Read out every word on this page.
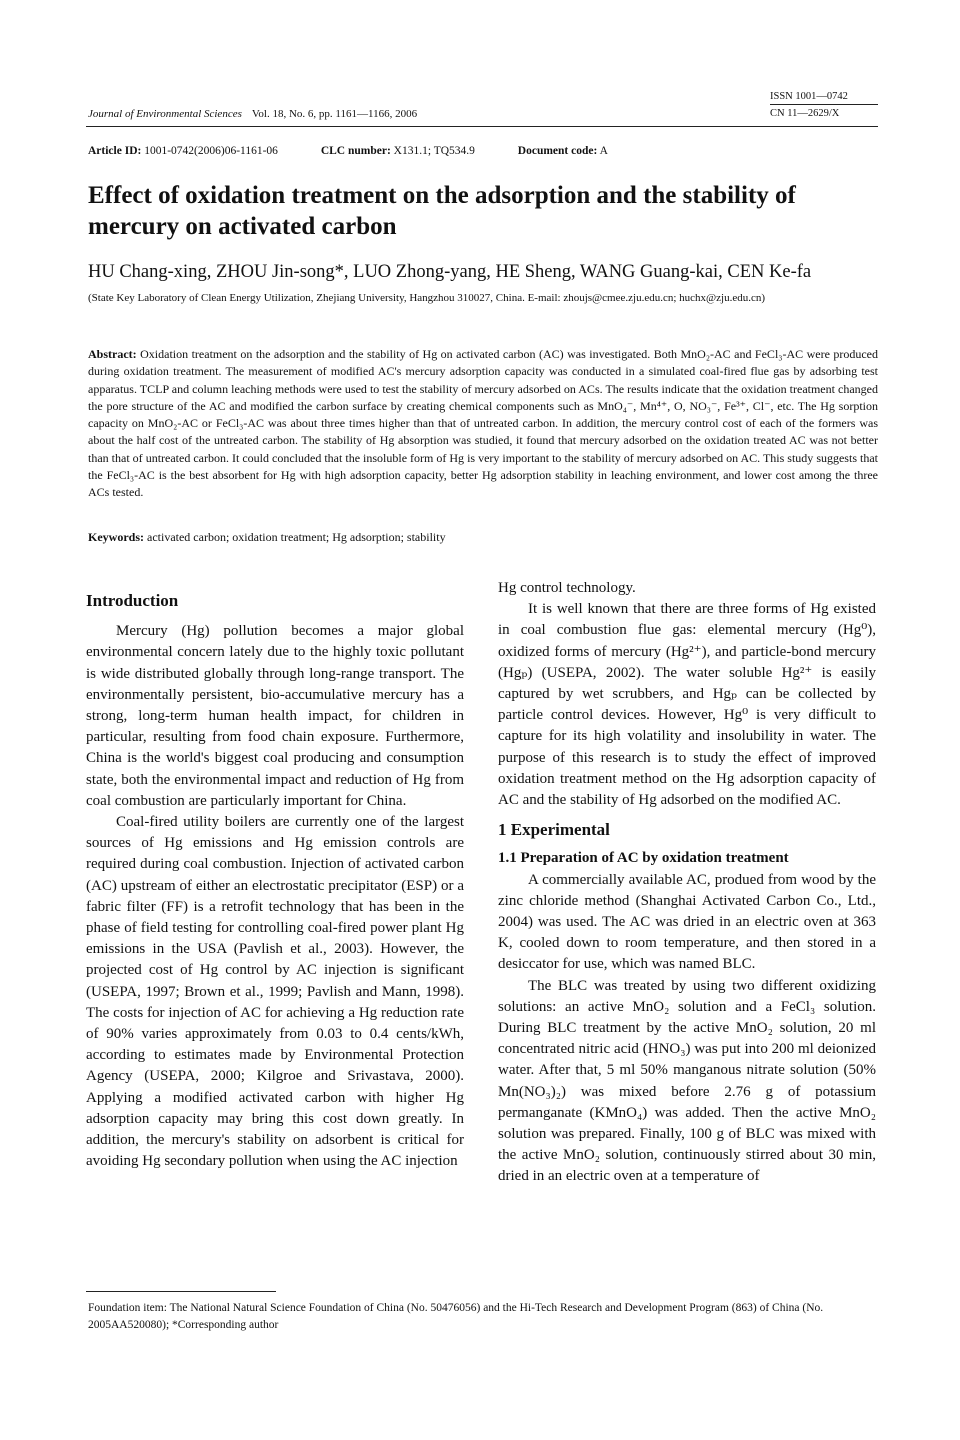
Journal of Environmental Sciences Vol. 18, No. 6, pp. 1161—1166, 2006
ISSN 1001—0742
CN 11—2629/X
Article ID: 1001-0742(2006)06-1161-06	CLC number: X131.1; TQ534.9	Document code: A
Effect of oxidation treatment on the adsorption and the stability of mercury on activated carbon
HU Chang-xing, ZHOU Jin-song*, LUO Zhong-yang, HE Sheng, WANG Guang-kai, CEN Ke-fa
(State Key Laboratory of Clean Energy Utilization, Zhejiang University, Hangzhou 310027, China. E-mail: zhoujs@cmee.zju.edu.cn; huchx@zju.edu.cn)
Abstract: Oxidation treatment on the adsorption and the stability of Hg on activated carbon (AC) was investigated. Both MnO₂-AC and FeCl₃-AC were produced during oxidation treatment. The measurement of modified AC's mercury adsorption capacity was conducted in a simulated coal-fired flue gas by adsorbing test apparatus. TCLP and column leaching methods were used to test the stability of mercury adsorbed on ACs. The results indicate that the oxidation treatment changed the pore structure of the AC and modified the carbon surface by creating chemical components such as MnO₄⁻, Mn⁴⁺, O, NO₃⁻, Fe³⁺, Cl⁻, etc. The Hg sorption capacity on MnO₂-AC or FeCl₃-AC was about three times higher than that of untreated carbon. In addition, the mercury control cost of each of the formers was about the half cost of the untreated carbon. The stability of Hg absorption was studied, it found that mercury adsorbed on the oxidation treated AC was not better than that of untreated carbon. It could concluded that the insoluble form of Hg is very important to the stability of mercury adsorbed on AC. This study suggests that the FeCl₃-AC is the best absorbent for Hg with high adsorption capacity, better Hg adsorption stability in leaching environment, and lower cost among the three ACs tested.
Keywords: activated carbon; oxidation treatment; Hg adsorption; stability
Introduction

Mercury (Hg) pollution becomes a major global environmental concern lately due to the highly toxic pollutant is wide distributed globally through long-range transport. The environmentally persistent, bio-accumulative mercury has a strong, long-term human health impact, for children in particular, resulting from food chain exposure. Furthermore, China is the world's biggest coal producing and consumption state, both the environmental impact and reduction of Hg from coal combustion are particularly important for China.

Coal-fired utility boilers are currently one of the largest sources of Hg emissions and Hg emission controls are required during coal combustion. Injection of activated carbon (AC) upstream of either an electrostatic precipitator (ESP) or a fabric filter (FF) is a retrofit technology that has been in the phase of field testing for controlling coal-fired power plant Hg emissions in the USA (Pavlish et al., 2003). However, the projected cost of Hg control by AC injection is significant (USEPA, 1997; Brown et al., 1999; Pavlish and Mann, 1998). The costs for injection of AC for achieving a Hg reduction rate of 90% varies approximately from 0.03 to 0.4 cents/kWh, according to estimates made by Environmental Protection Agency (USEPA, 2000; Kilgroe and Srivastava, 2000). Applying a modified activated carbon with higher Hg adsorption capacity may bring this cost down greatly. In addition, the mercury's stability on adsorbent is critical for avoiding Hg secondary pollution when using the AC injection

Hg control technology.

It is well known that there are three forms of Hg existed in coal combustion flue gas: elemental mercury (Hg⁰), oxidized forms of mercury (Hg²⁺), and particle-bond mercury (Hgₚ) (USEPA, 2002). The water soluble Hg²⁺ is easily captured by wet scrubbers, and Hgₚ can be collected by particle control devices. However, Hg⁰ is very difficult to capture for its high volatility and insolubility in water. The purpose of this research is to study the effect of improved oxidation treatment method on the Hg adsorption capacity of AC and the stability of Hg adsorbed on the modified AC.

1 Experimental
1.1 Preparation of AC by oxidation treatment

A commercially available AC, produed from wood by the zinc chloride method (Shanghai Activated Carbon Co., Ltd., 2004) was used. The AC was dried in an electric oven at 363 K, cooled down to room temperature, and then stored in a desiccator for use, which was named BLC.

The BLC was treated by using two different oxidizing solutions: an active MnO₂ solution and a FeCl₃ solution. During BLC treatment by the active MnO₂ solution, 20 ml concentrated nitric acid (HNO₃) was put into 200 ml deionized water. After that, 5 ml 50% manganous nitrate solution (50% Mn(NO₃)₂) was mixed before 2.76 g of potassium permanganate (KMnO₄) was added. Then the active MnO₂ solution was prepared. Finally, 100 g of BLC was mixed with the active MnO₂ solution, continuously stirred about 30 min, dried in an electric oven at a temperature of

Foundation item: The National Natural Science Foundation of China (No. 50476056) and the Hi-Tech Research and Development Program (863) of China (No. 2005AA520080); *Corresponding author
